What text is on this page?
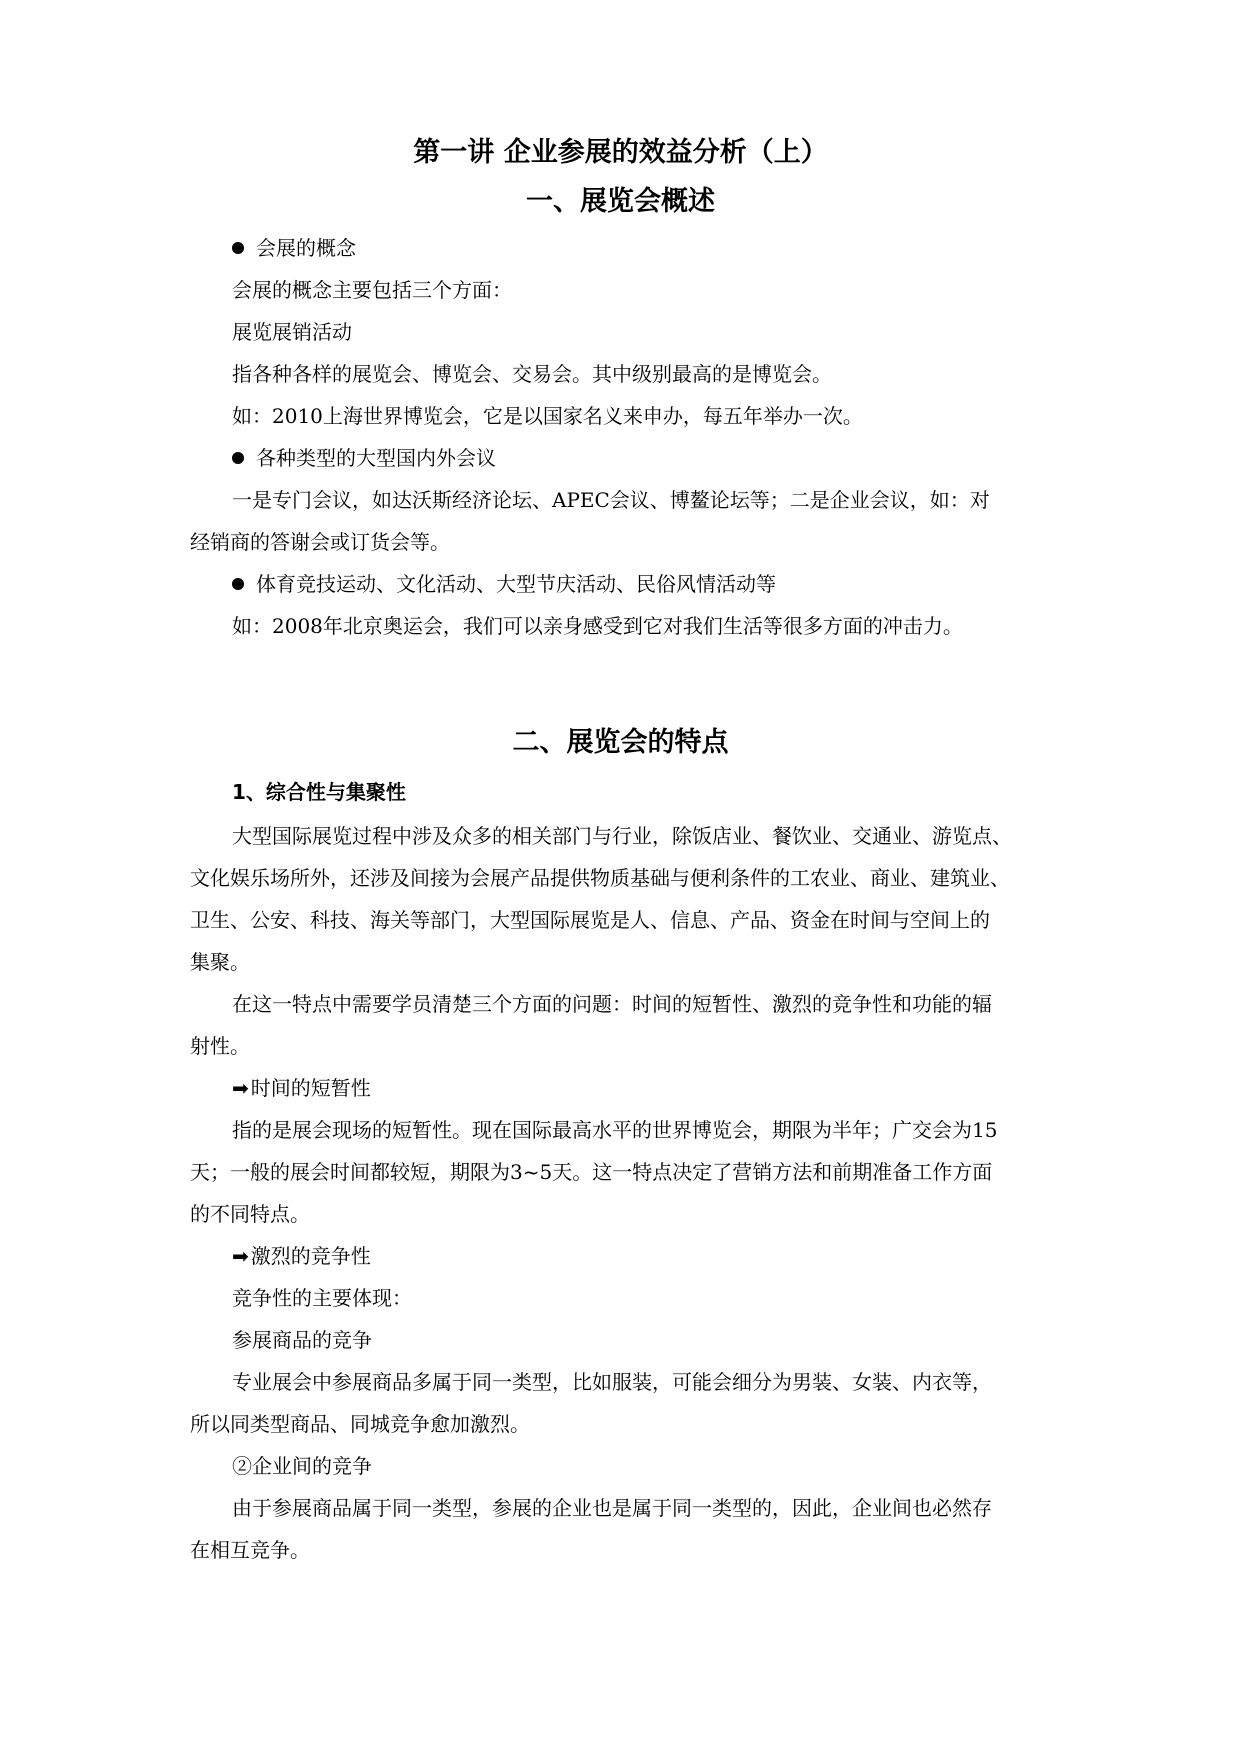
第一讲 企业参展的效益分析（上）
一、展览会概述
会展的概念
会展的概念主要包括三个方面：
展览展销活动
指各种各样的展览会、博览会、交易会。其中级别最高的是博览会。
如：2010上海世界博览会，它是以国家名义来申办，每五年举办一次。
各种类型的大型国内外会议
一是专门会议，如达沃斯经济论坛、APEC会议、博鳌论坛等；二是企业会议，如：对
经销商的答谢会或订货会等。
体育竞技运动、文化活动、大型节庆活动、民俗风情活动等
如：2008年北京奥运会，我们可以亲身感受到它对我们生活等很多方面的冲击力。
二、展览会的特点
1、综合性与集聚性
大型国际展览过程中涉及众多的相关部门与行业，除饭店业、餐饮业、交通业、游览点、
文化娱乐场所外，还涉及间接为会展产品提供物质基础与便利条件的工农业、商业、建筑业、
卫生、公安、科技、海关等部门，大型国际展览是人、信息、产品、资金在时间与空间上的
集聚。
在这一特点中需要学员清楚三个方面的问题：时间的短暂性、激烈的竞争性和功能的辐
射性。
➡ 时间的短暂性
指的是展会现场的短暂性。现在国际最高水平的世界博览会，期限为半年；广交会为15
天；一般的展会时间都较短，期限为3~5天。这一特点决定了营销方法和前期准备工作方面
的不同特点。
➡ 激烈的竞争性
竞争性的主要体现：
参展商品的竞争
专业展会中参展商品多属于同一类型，比如服装，可能会细分为男装、女装、内衣等，
所以同类型商品、同城竞争愈加激烈。
②企业间的竞争
由于参展商品属于同一类型，参展的企业也是属于同一类型的，因此，企业间也必然存
在相互竞争。
